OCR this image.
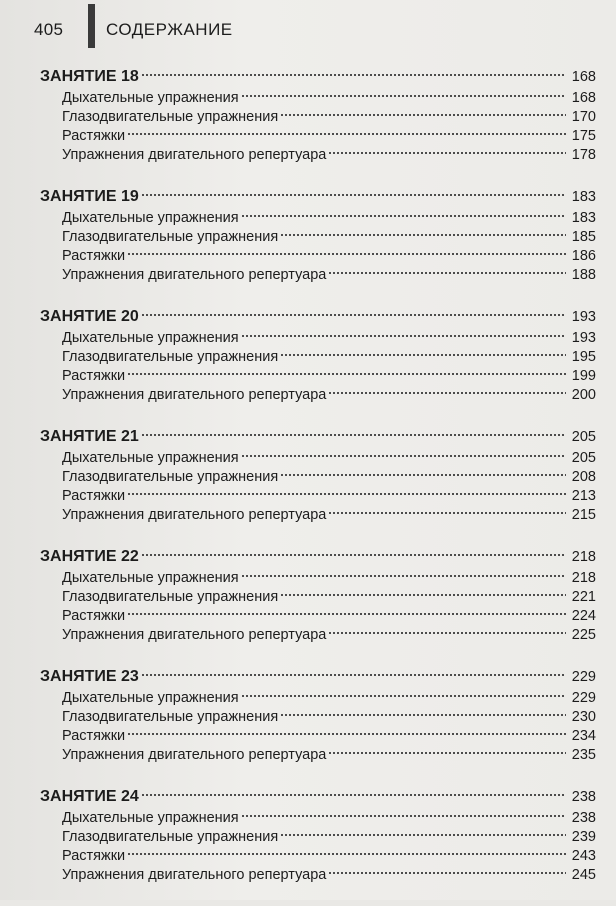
405	СОДЕРЖАНИЕ
ЗАНЯТИЕ 18	168
Дыхательные упражнения	168
Глазодвигательные упражнения	170
Растяжки	175
Упражнения двигательного репертуара	178
ЗАНЯТИЕ 19	183
Дыхательные упражнения	183
Глазодвигательные упражнения	185
Растяжки	186
Упражнения двигательного репертуара	188
ЗАНЯТИЕ 20	193
Дыхательные упражнения	193
Глазодвигательные упражнения	195
Растяжки	199
Упражнения двигательного репертуара	200
ЗАНЯТИЕ 21	205
Дыхательные упражнения	205
Глазодвигательные упражнения	208
Растяжки	213
Упражнения двигательного репертуара	215
ЗАНЯТИЕ 22	218
Дыхательные упражнения	218
Глазодвигательные упражнения	221
Растяжки	224
Упражнения двигательного репертуара	225
ЗАНЯТИЕ 23	229
Дыхательные упражнения	229
Глазодвигательные упражнения	230
Растяжки	234
Упражнения двигательного репертуара	235
ЗАНЯТИЕ 24	238
Дыхательные упражнения	238
Глазодвигательные упражнения	239
Растяжки	243
Упражнения двигательного репертуара	245
